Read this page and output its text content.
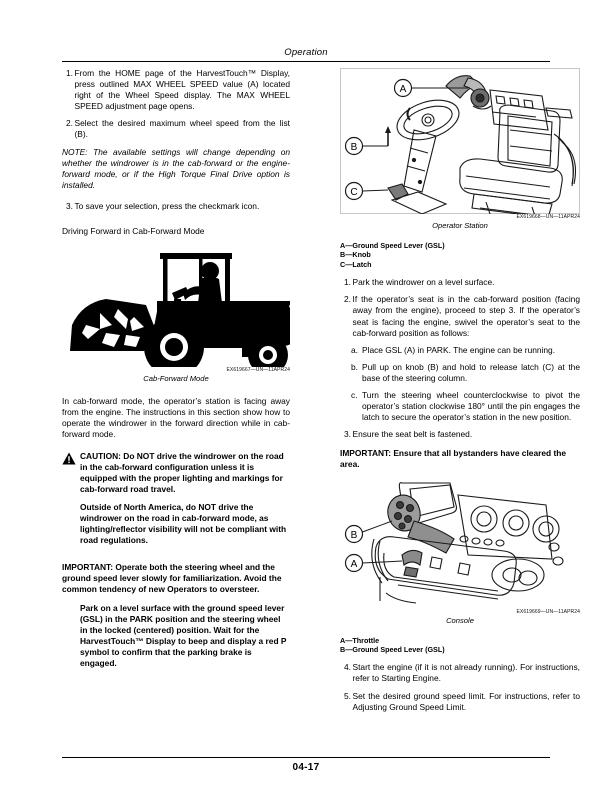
Operation
1. From the HOME page of the HarvestTouch™ Display, press outlined MAX WHEEL SPEED value (A) located right of the Wheel Speed display. The MAX WHEEL SPEED adjustment page opens.
2. Select the desired maximum wheel speed from the list (B).
NOTE: The available settings will change depending on whether the windrower is in the cab-forward or the engine-forward mode, or if the High Torque Final Drive option is installed.
3. To save your selection, press the checkmark icon.
Driving Forward in Cab-Forward Mode
EX619667—UN—11APR24
Cab-Forward Mode
In cab-forward mode, the operator’s station is facing away from the engine. The instructions in this section show how to operate the windrower in the forward direction while in cab-forward mode.
CAUTION: Do NOT drive the windrower on the road in the cab-forward configuration unless it is equipped with the proper lighting and markings for cab-forward road travel.
Outside of North America, do NOT drive the windrower on the road in cab-forward mode, as lighting/reflector visibility will not be compliant with road regulations.
IMPORTANT: Operate both the steering wheel and the ground speed lever slowly for familiarization. Avoid the common tendency of new Operators to oversteer.
Park on a level surface with the ground speed lever (GSL) in the PARK position and the steering wheel in the locked (centered) position. Wait for the HarvestTouch™ Display to beep and display a red P symbol to confirm that the parking brake is engaged.
A
B
C
EX619668—UN—11APR24
Operator Station
A—Ground Speed Lever (GSL)
B—Knob
C—Latch
1. Park the windrower on a level surface.
2. If the operator’s seat is in the cab-forward position (facing away from the engine), proceed to step 3. If the operator’s seat is facing the engine, swivel the operator’s seat to the cab-forward position as follows:
a. Place GSL (A) in PARK. The engine can be running.
b. Pull up on knob (B) and hold to release latch (C) at the base of the steering column.
c. Turn the steering wheel counterclockwise to pivot the operator’s station clockwise 180° until the pin engages the latch to secure the operator’s station in the new position.
3. Ensure the seat belt is fastened.
IMPORTANT: Ensure that all bystanders have cleared the area.
B
A
EX619669—UN—11APR24
Console
A—Throttle
B—Ground Speed Lever (GSL)
4. Start the engine (if it is not already running). For instructions, refer to Starting Engine.
5. Set the desired ground speed limit. For instructions, refer to Adjusting Ground Speed Limit.
04-17
